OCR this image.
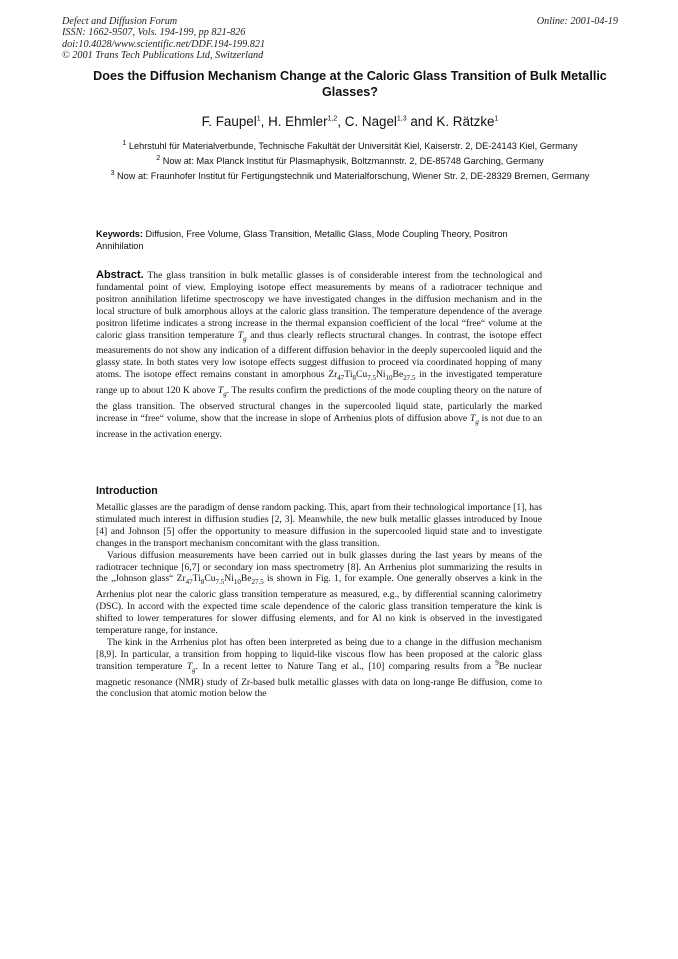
Defect and Diffusion Forum
ISSN: 1662-9507, Vols. 194-199, pp 821-826
doi:10.4028/www.scientific.net/DDF.194-199.821
© 2001 Trans Tech Publications Ltd, Switzerland
Online: 2001-04-19
Does the Diffusion Mechanism Change at the Caloric Glass Transition of Bulk Metallic Glasses?
F. Faupel$^1$, H. Ehmler$^{1,2}$, C. Nagel$^{1,3}$ and K. Rätzke$^1$
$^1$ Lehrstuhl für Materialverbunde, Technische Fakultät der Universität Kiel, Kaiserstr. 2, DE-24143 Kiel, Germany
$^2$ Now at: Max Planck Institut für Plasmaphysik, Boltzmannstr. 2, DE-85748 Garching, Germany
$^3$ Now at: Fraunhofer Institut für Fertigungstechnik und Materialforschung, Wiener Str. 2, DE-28329 Bremen, Germany
Keywords: Diffusion, Free Volume, Glass Transition, Metallic Glass, Mode Coupling Theory, Positron Annihilation
Abstract. The glass transition in bulk metallic glasses is of considerable interest from the technological and fundamental point of view. Employing isotope effect measurements by means of a radiotracer technique and positron annihilation lifetime spectroscopy we have investigated changes in the diffusion mechanism and in the local structure of bulk amorphous alloys at the caloric glass transition. The temperature dependence of the average positron lifetime indicates a strong increase in the thermal expansion coefficient of the local “free“ volume at the caloric glass transition temperature $T_g$ and thus clearly reflects structural changes. In contrast, the isotope effect measurements do not show any indication of a different diffusion behavior in the deeply supercooled liquid and the glassy state. In both states very low isotope effects suggest diffusion to proceed via coordinated hopping of many atoms. The isotope effect remains constant in amorphous $Zr_{47}Ti_8Cu_{7.5}Ni_{10}Be_{27.5}$ in the investigated temperature range up to about 120 K above $T_g$. The results confirm the predictions of the mode coupling theory on the nature of the glass transition. The observed structural changes in the supercooled liquid state, particularly the marked increase in “free“ volume, show that the increase in slope of Arrhenius plots of diffusion above $T_g$ is not due to an increase in the activation energy.
Introduction

Metallic glasses are the paradigm of dense random packing. This, apart from their technological importance [1], has stimulated much interest in diffusion studies [2, 3]. Meanwhile, the new bulk metallic glasses introduced by Inoue [4] and Johnson [5] offer the opportunity to measure diffusion in the supercooled liquid state and to investigate changes in the transport mechanism concomitant with the glass transition.

Various diffusion measurements have been carried out in bulk glasses during the last years by means of the radiotracer technique [6,7] or secondary ion mass spectrometry [8]. An Arrhenius plot summarizing the results in the „Johnson glass“ $Zr_{47}Ti_8Cu_{7.5}Ni_{10}Be_{27.5}$ is shown in Fig. 1, for example. One generally observes a kink in the Arrhenius plot near the caloric glass transition temperature as measured, e.g., by differential scanning calorimetry (DSC). In accord with the expected time scale dependence of the caloric glass transition temperature the kink is shifted to lower temperatures for slower diffusing elements, and for Al no kink is observed in the investigated temperature range, for instance.

The kink in the Arrhenius plot has often been interpreted as being due to a change in the diffusion mechanism [8,9]. In particular, a transition from hopping to liquid-like viscous flow has been proposed at the caloric glass transition temperature $T_g$. In a recent letter to Nature Tang et al., [10] comparing results from a $^9$Be nuclear magnetic resonance (NMR) study of Zr-based bulk metallic glasses with data on long-range Be diffusion, come to the conclusion that atomic motion below the
